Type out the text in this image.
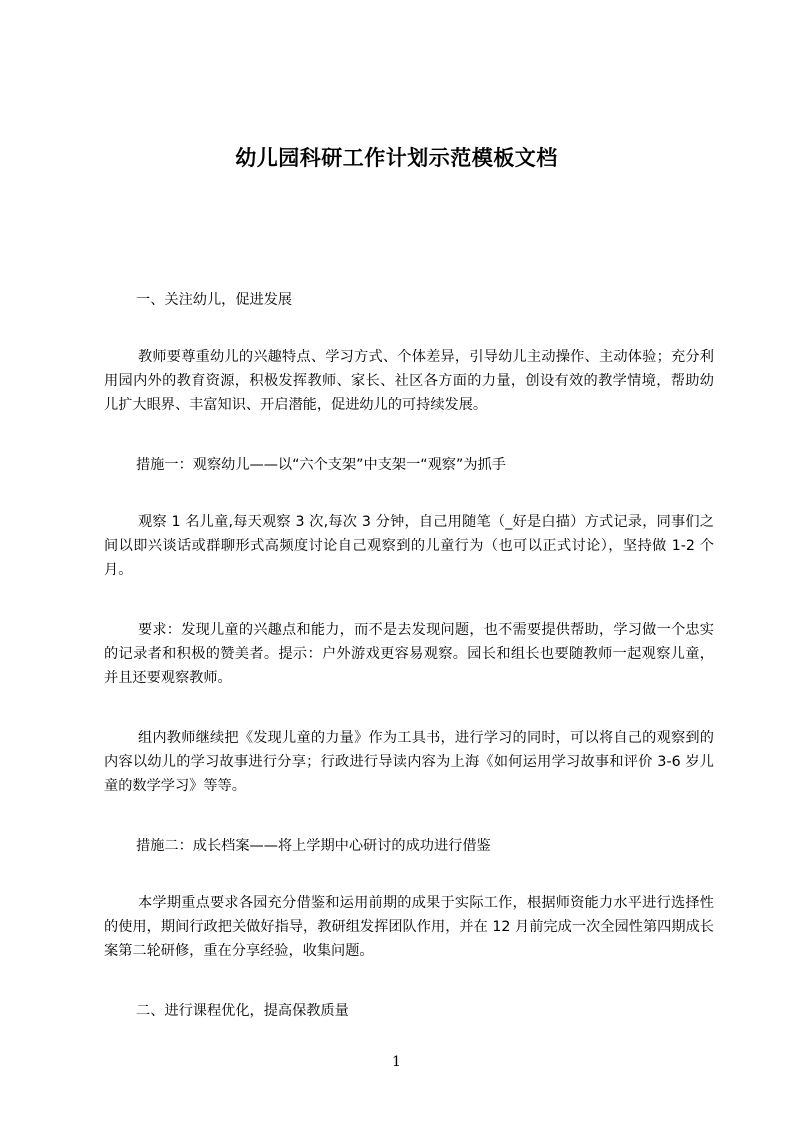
幼儿园科研工作计划示范模板文档

一、关注幼儿，促进发展

教师要尊重幼儿的兴趣特点、学习方式、个体差异，引导幼儿主动操作、主动体验；充分利用园内外的教育资源，积极发挥教师、家长、社区各方面的力量，创设有效的教学情境，帮助幼儿扩大眼界、丰富知识、开启潜能，促进幼儿的可持续发展。

措施一：观察幼儿——以“六个支架”中支架一“观察”为抓手

观察 1 名儿童,每天观察 3 次,每次 3 分钟，自己用随笔（_好是白描）方式记录，同事们之间以即兴谈话或群聊形式高频度讨论自己观察到的儿童行为（也可以正式讨论），坚持做 1-2 个月。

要求：发现儿童的兴趣点和能力，而不是去发现问题，也不需要提供帮助，学习做一个忠实的记录者和积极的赞美者。提示：户外游戏更容易观察。园长和组长也要随教师一起观察儿童，并且还要观察教师。

组内教师继续把《发现儿童的力量》作为工具书，进行学习的同时，可以将自己的观察到的内容以幼儿的学习故事进行分享；行政进行导读内容为上海《如何运用学习故事和评价 3-6 岁儿童的数学学习》等等。

措施二：成长档案——将上学期中心研讨的成功进行借鉴

本学期重点要求各园充分借鉴和运用前期的成果于实际工作，根据师资能力水平进行选择性的使用，期间行政把关做好指导，教研组发挥团队作用，并在 12 月前完成一次全园性第四期成长案第二轮研修，重在分享经验，收集问题。

二、进行课程优化，提高保教质量

1
